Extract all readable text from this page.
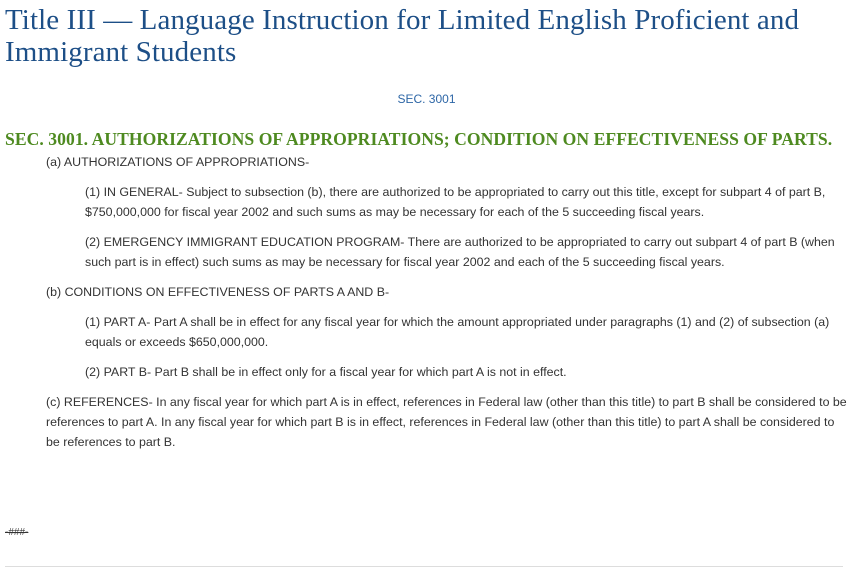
Title III — Language Instruction for Limited English Proficient and Immigrant Students

SEC. 3001

SEC. 3001. AUTHORIZATIONS OF APPROPRIATIONS; CONDITION ON EFFECTIVENESS OF PARTS.

(a) AUTHORIZATIONS OF APPROPRIATIONS-

(1) IN GENERAL- Subject to subsection (b), there are authorized to be appropriated to carry out this title, except for subpart 4 of part B, $750,000,000 for fiscal year 2002 and such sums as may be necessary for each of the 5 succeeding fiscal years.

(2) EMERGENCY IMMIGRANT EDUCATION PROGRAM- There are authorized to be appropriated to carry out subpart 4 of part B (when such part is in effect) such sums as may be necessary for fiscal year 2002 and each of the 5 succeeding fiscal years.

(b) CONDITIONS ON EFFECTIVENESS OF PARTS A AND B-

(1) PART A- Part A shall be in effect for any fiscal year for which the amount appropriated under paragraphs (1) and (2) of subsection (a) equals or exceeds $650,000,000.

(2) PART B- Part B shall be in effect only for a fiscal year for which part A is not in effect.

(c) REFERENCES- In any fiscal year for which part A is in effect, references in Federal law (other than this title) to part B shall be considered to be references to part A. In any fiscal year for which part B is in effect, references in Federal law (other than this title) to part A shall be considered to be references to part B.

-###-
